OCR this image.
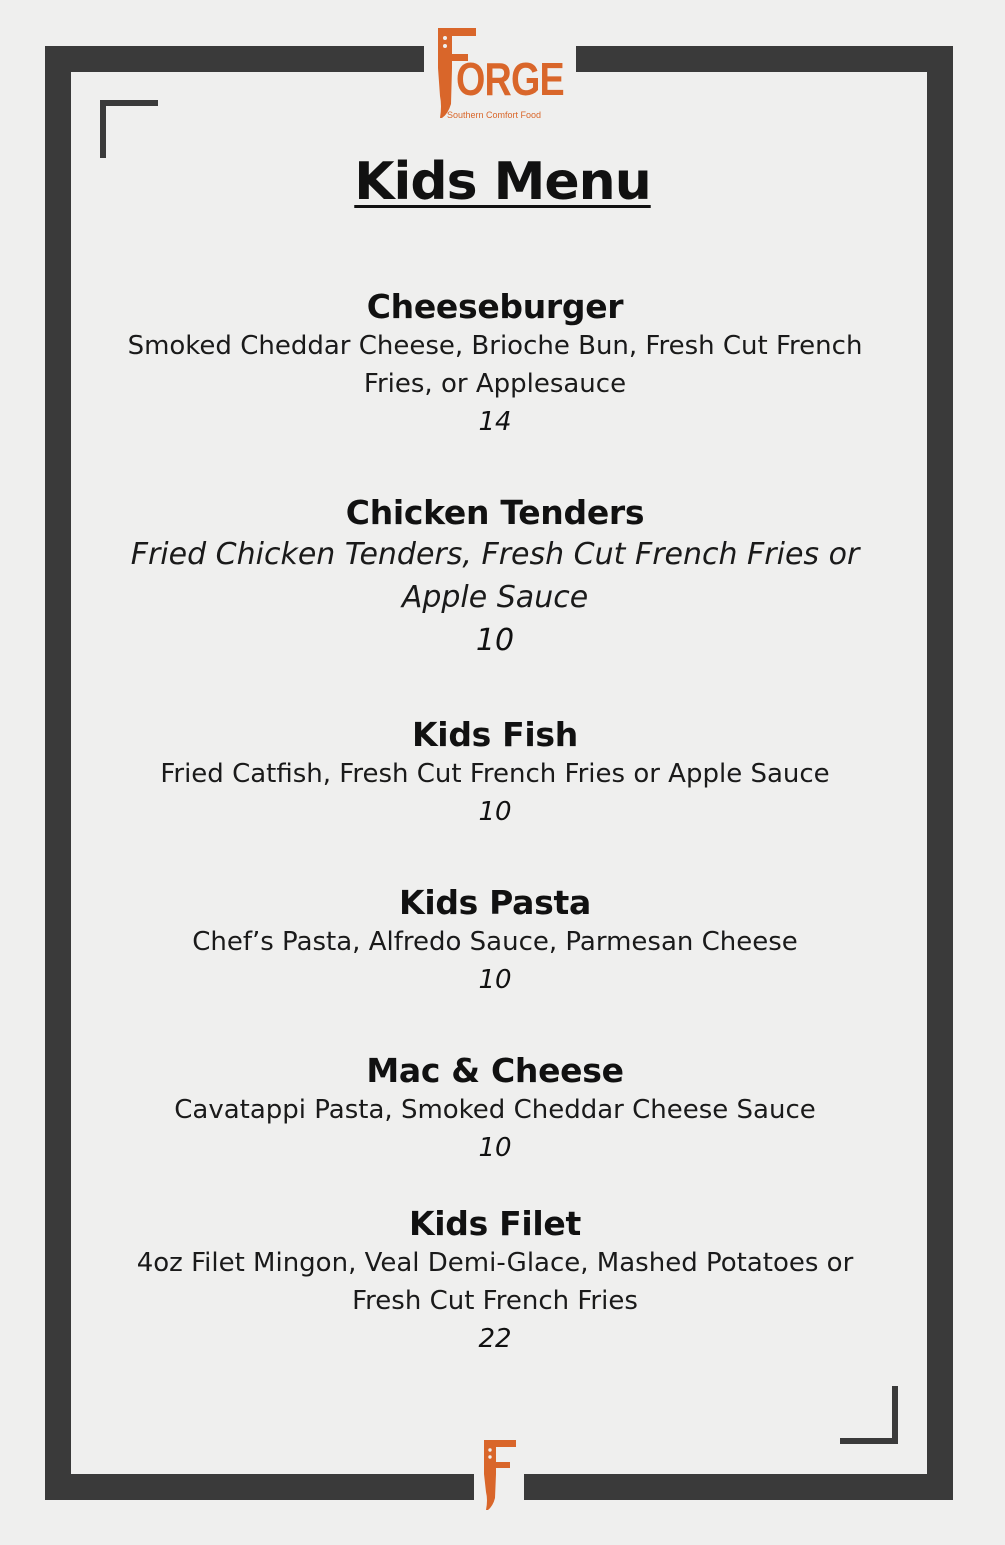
ORGE
Southern Comfort Food
Kids Menu
Cheeseburger
Smoked Cheddar Cheese, Brioche Bun, Fresh Cut French Fries, or Applesauce
14
Chicken Tenders
Fried Chicken Tenders, Fresh Cut French Fries or Apple Sauce
10
Kids Fish
Fried Catfish, Fresh Cut French Fries or Apple Sauce
10
Kids Pasta
Chef’s Pasta, Alfredo Sauce, Parmesan Cheese
10
Mac & Cheese
Cavatappi Pasta, Smoked Cheddar Cheese Sauce
10
Kids Filet
4oz Filet Mingon, Veal Demi-Glace, Mashed Potatoes or Fresh Cut French Fries
22
